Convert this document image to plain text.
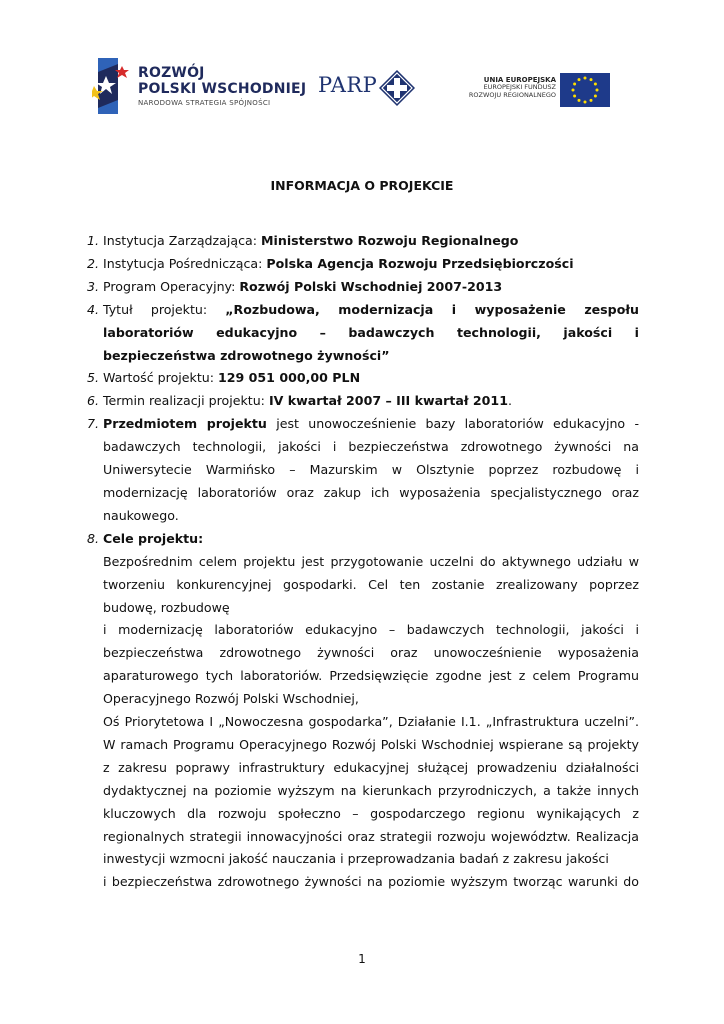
ROZWÓJ
POLSKI WSCHODNIEJ
NARODOWA STRATEGIA SPÓJNOŚCI
PARP	UNIA EUROPEJSKA
EUROPEJSKI FUNDUSZ
ROZWOJU REGIONALNEGO
INFORMACJA O PROJEKCIE
1. Instytucja Zarządzająca: Ministerstwo Rozwoju Regionalnego
2. Instytucja Pośrednicząca: Polska Agencja Rozwoju Przedsiębiorczości
3. Program Operacyjny: Rozwój Polski Wschodniej 2007-2013
4. Tytuł projektu: „Rozbudowa, modernizacja i wyposażenie zespołu laboratoriów edukacyjno – badawczych technologii, jakości i bezpieczeństwa zdrowotnego żywności”
5. Wartość projektu: 129 051 000,00 PLN
6. Termin realizacji projektu: IV kwartał 2007 – III kwartał 2011.
7. Przedmiotem projektu jest unowocześnienie bazy laboratoriów edukacyjno - badawczych technologii, jakości i bezpieczeństwa zdrowotnego żywności na Uniwersytecie Warmińsko – Mazurskim w Olsztynie poprzez rozbudowę i modernizację laboratoriów oraz zakup ich wyposażenia specjalistycznego oraz naukowego.
8. Cele projektu:
Bezpośrednim celem projektu jest przygotowanie uczelni do aktywnego udziału w tworzeniu konkurencyjnej gospodarki. Cel ten zostanie zrealizowany poprzez budowę, rozbudowę
i modernizację laboratoriów edukacyjno – badawczych technologii, jakości i bezpieczeństwa zdrowotnego żywności oraz unowocześnienie wyposażenia aparaturowego tych laboratoriów. Przedsięwzięcie zgodne jest z celem Programu Operacyjnego Rozwój Polski Wschodniej,
Oś Priorytetowa I „Nowoczesna gospodarka”, Działanie I.1. „Infrastruktura uczelni”. W ramach Programu Operacyjnego Rozwój Polski Wschodniej wspierane są projekty z zakresu poprawy infrastruktury edukacyjnej służącej prowadzeniu działalności dydaktycznej na poziomie wyższym na kierunkach przyrodniczych, a także innych kluczowych dla rozwoju społeczno – gospodarczego regionu wynikających z regionalnych strategii innowacyjności oraz strategii rozwoju województw. Realizacja inwestycji wzmocni jakość nauczania i przeprowadzania badań z zakresu jakości
i bezpieczeństwa zdrowotnego żywności na poziomie wyższym tworząc warunki do
1
